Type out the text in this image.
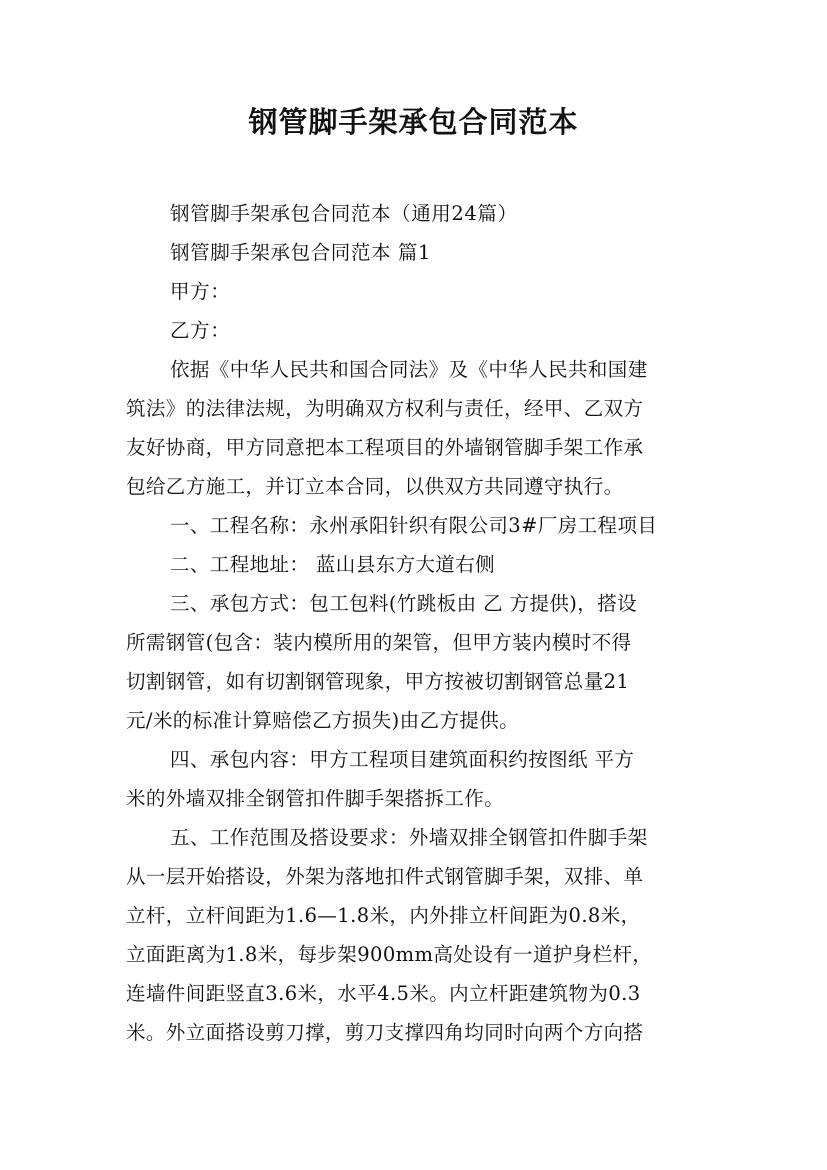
钢管脚手架承包合同范本
钢管脚手架承包合同范本（通用24篇）
钢管脚手架承包合同范本 篇1
甲方：
乙方：
依据《中华人民共和国合同法》及《中华人民共和国建
筑法》的法律法规，为明确双方权利与责任，经甲、乙双方
友好协商，甲方同意把本工程项目的外墙钢管脚手架工作承
包给乙方施工，并订立本合同，以供双方共同遵守执行。
一、工程名称：永州承阳针织有限公司3#厂房工程项目
二、工程地址： 蓝山县东方大道右侧
三、承包方式：包工包料(竹跳板由 乙 方提供)，搭设
所需钢管(包含：装内模所用的架管，但甲方装内模时不得
切割钢管，如有切割钢管现象，甲方按被切割钢管总量21
元/米的标准计算赔偿乙方损失)由乙方提供。
四、承包内容：甲方工程项目建筑面积约按图纸 平方
米的外墙双排全钢管扣件脚手架搭拆工作。
五、工作范围及搭设要求：外墙双排全钢管扣件脚手架
从一层开始搭设，外架为落地扣件式钢管脚手架，双排、单
立杆，立杆间距为1.6—1.8米，内外排立杆间距为0.8米，
立面距离为1.8米，每步架900mm高处设有一道护身栏杆，
连墙件间距竖直3.6米，水平4.5米。内立杆距建筑物为0.3
米。外立面搭设剪刀撑，剪刀支撑四角均同时向两个方向搭
